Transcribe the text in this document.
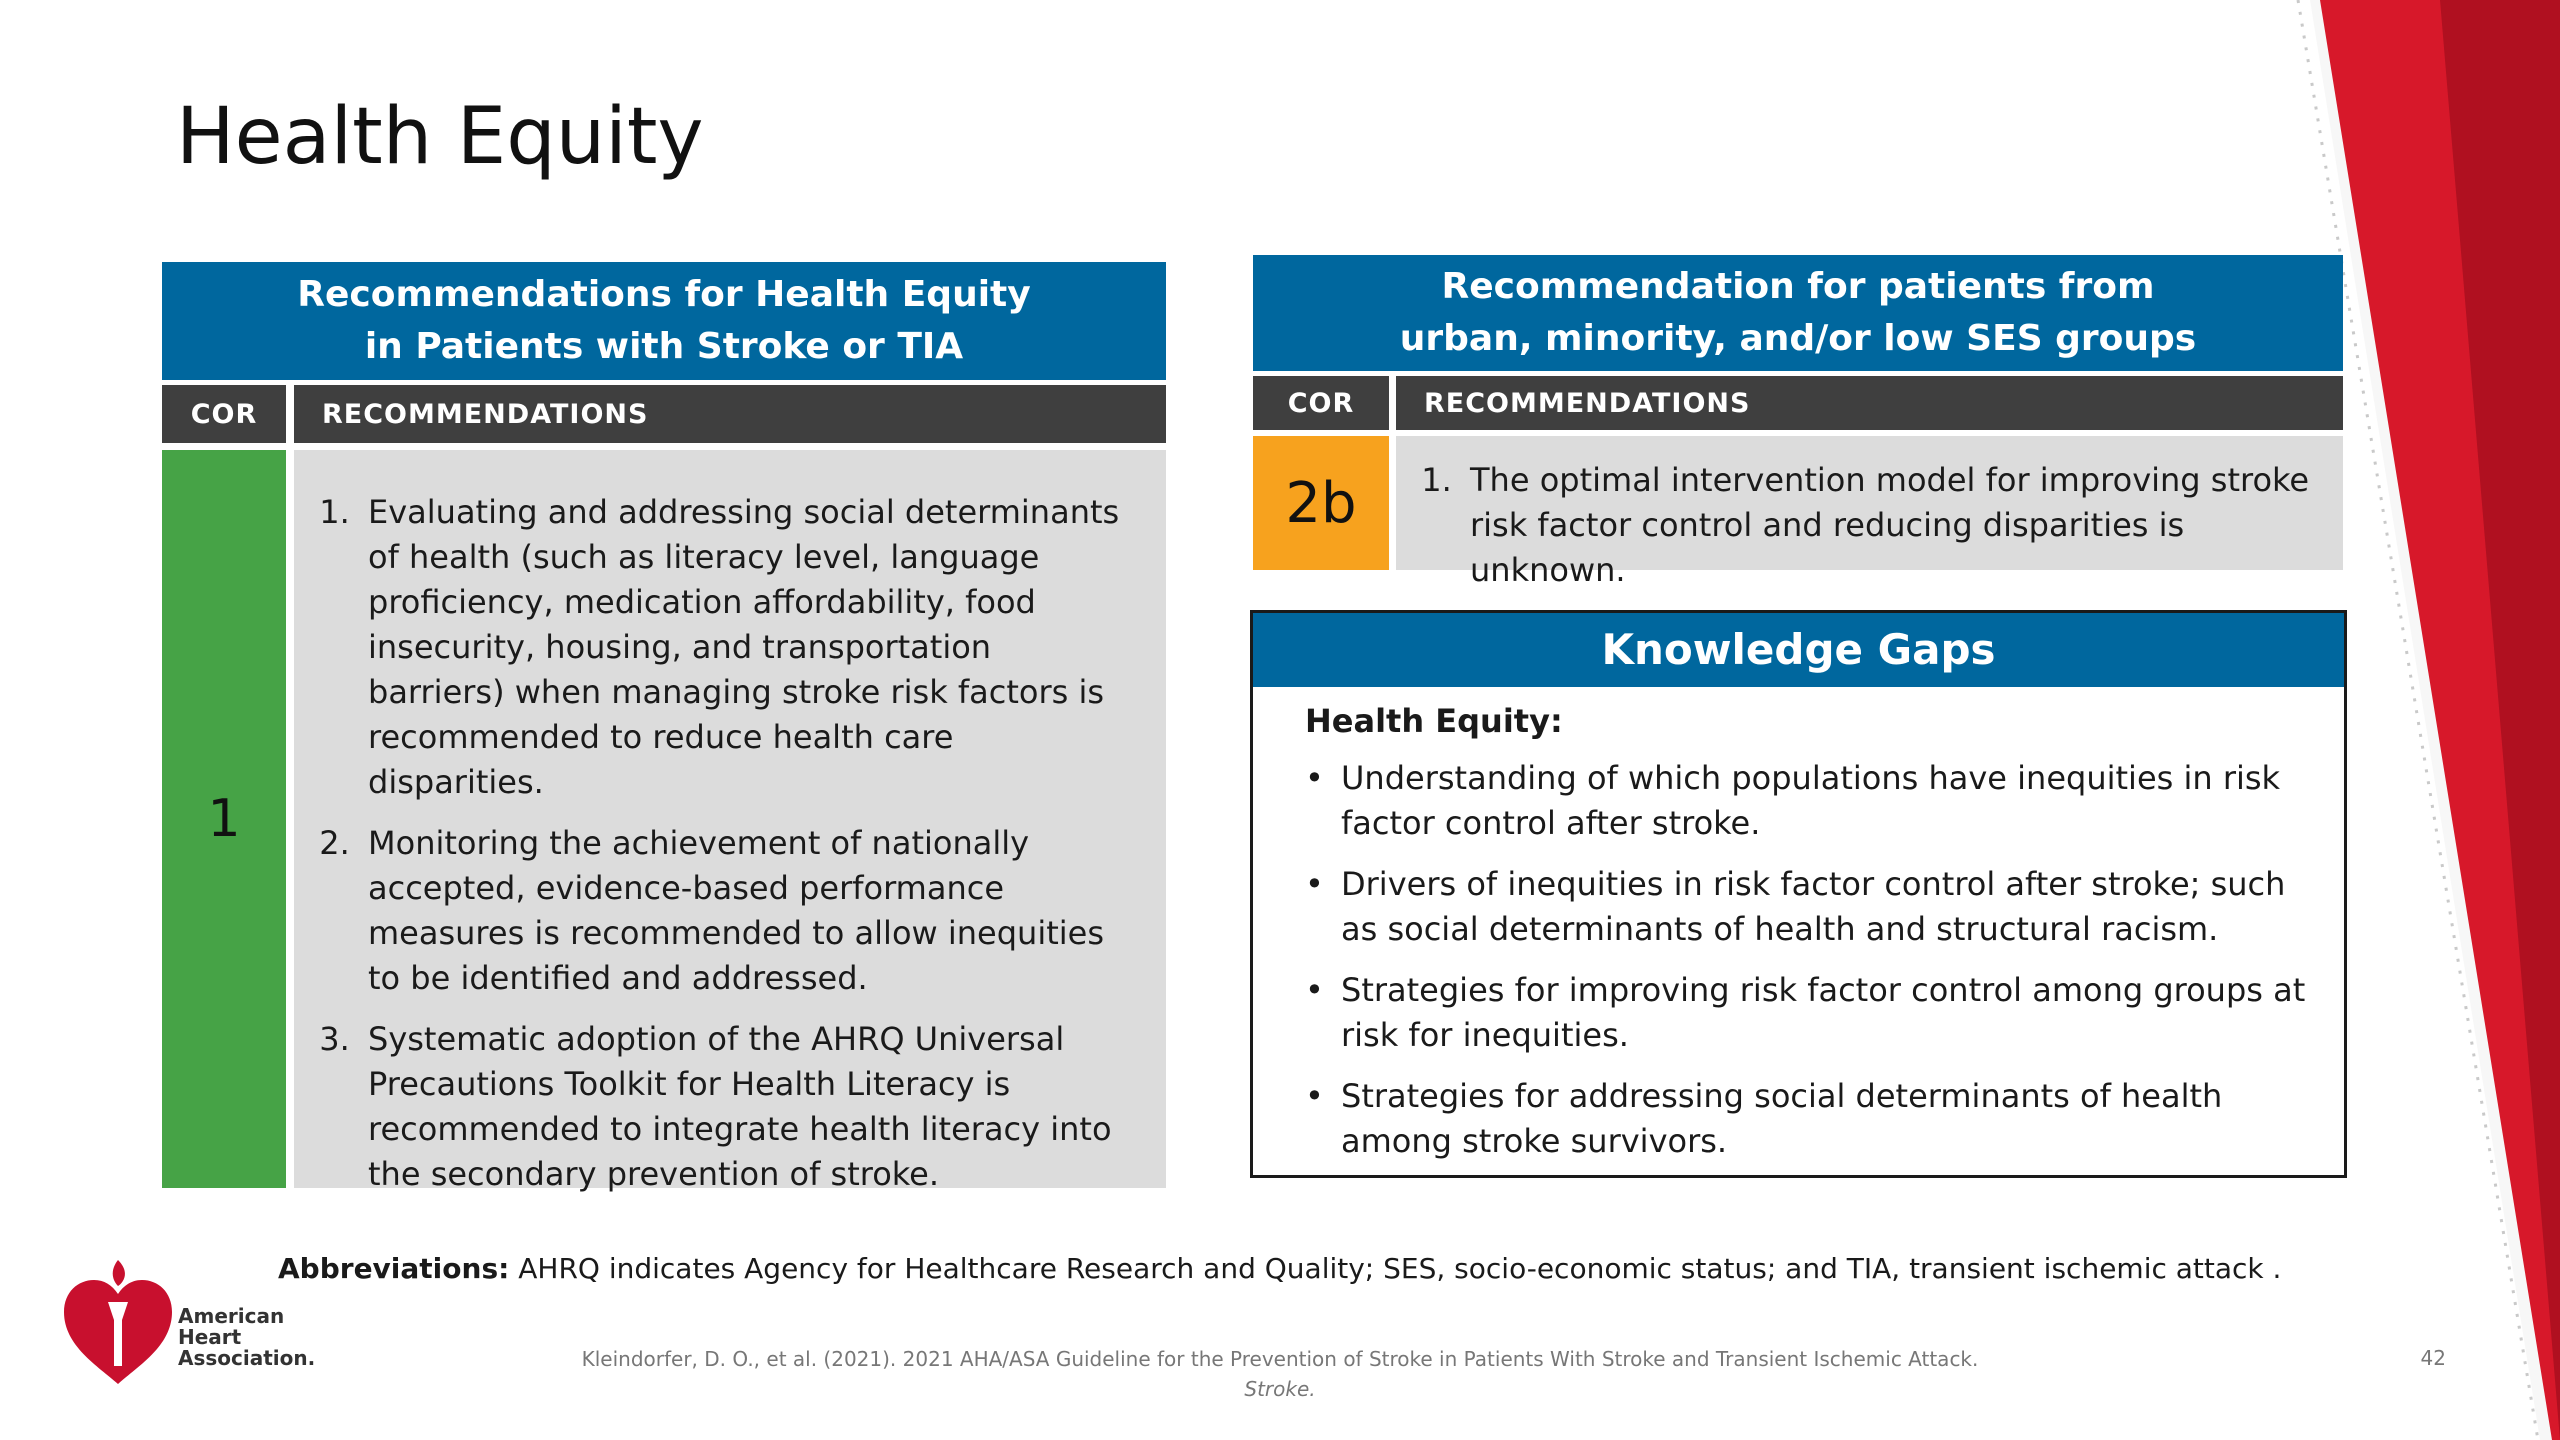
Health Equity
Recommendations for Health Equity
in Patients with Stroke or TIA
COR RECOMMENDATIONS
1
1. Evaluating and addressing social determinants of health (such as literacy level, language proficiency, medication affordability, food insecurity, housing, and transportation barriers) when managing stroke risk factors is recommended to reduce health care disparities.
2. Monitoring the achievement of nationally accepted, evidence-based performance measures is recommended to allow inequities to be identified and addressed.
3. Systematic adoption of the AHRQ Universal Precautions Toolkit for Health Literacy is recommended to integrate health literacy into the secondary prevention of stroke.
Recommendation for patients from
urban, minority, and/or low SES groups
COR	RECOMMENDATIONS
2b
1.	The optimal intervention model for improving stroke risk factor control and reducing disparities is unknown.
Knowledge Gaps
Health Equity:
• Understanding of which populations have inequities in risk factor control after stroke.
• Drivers of inequities in risk factor control after stroke; such as social determinants of health and structural racism.
• Strategies for improving risk factor control among groups at risk for inequities.
• Strategies for addressing social determinants of health among stroke survivors.
Abbreviations: AHRQ indicates Agency for Healthcare Research and Quality; SES, socio-economic status; and TIA, transient ischemic attack .
American
Heart
Association.	Kleindorfer, D. O., et al. (2021). 2021 AHA/ASA Guideline for the Prevention of Stroke in Patients With Stroke and Transient Ischemic Attack.
Stroke.
42
